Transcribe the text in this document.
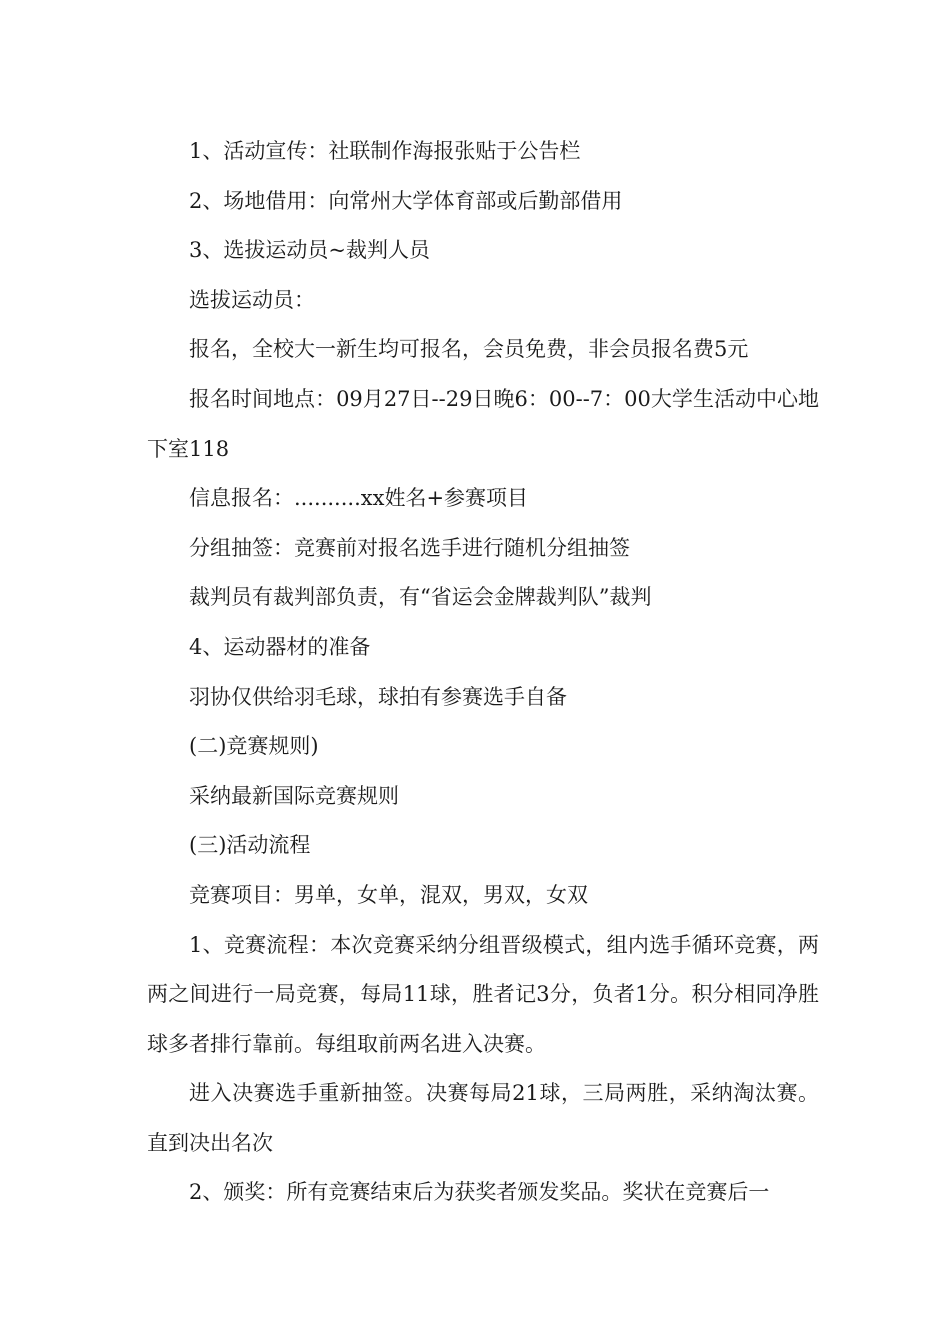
1、活动宣传：社联制作海报张贴于公告栏

2、场地借用：向常州大学体育部或后勤部借用

3、选拔运动员~裁判人员

选拔运动员：

报名，全校大一新生均可报名，会员免费，非会员报名费5元

报名时间地点：09月27日--29日晚6：00--7：00大学生活动中心地下室118

信息报名：..........xx姓名+参赛项目

分组抽签：竞赛前对报名选手进行随机分组抽签

裁判员有裁判部负责，有“省运会金牌裁判队”裁判

4、运动器材的准备

羽协仅供给羽毛球，球拍有参赛选手自备

(二)竞赛规则)

采纳最新国际竞赛规则

(三)活动流程

竞赛项目：男单，女单，混双，男双，女双

1、竞赛流程：本次竞赛采纳分组晋级模式，组内选手循环竞赛，两两之间进行一局竞赛，每局11球，胜者记3分，负者1分。积分相同净胜球多者排行靠前。每组取前两名进入决赛。

进入决赛选手重新抽签。决赛每局21球，三局两胜，采纳淘汰赛。直到决出名次

2、颁奖：所有竞赛结束后为获奖者颁发奖品。奖状在竞赛后一
